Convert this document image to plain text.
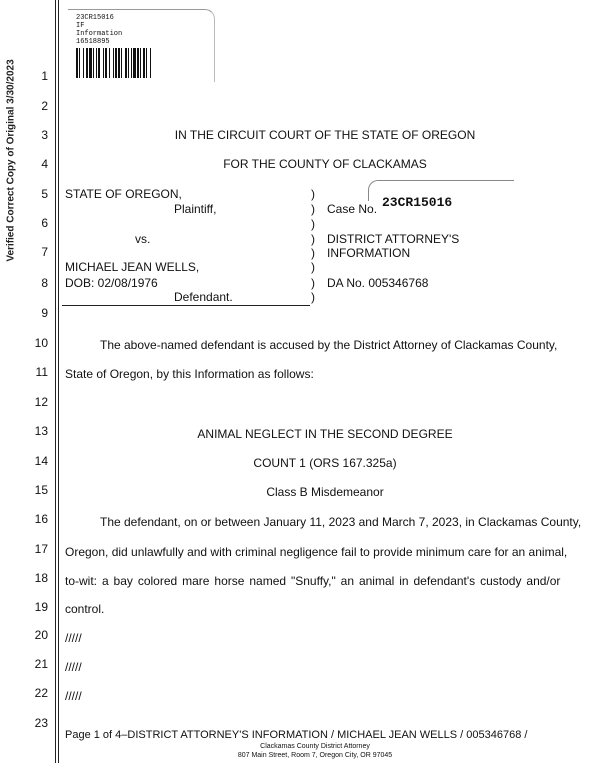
23CR15016
IF
Information
16518895
Verified Correct Copy of Original 3/30/2023	1
2
3
4
5
6
7
8
9
10
11
12
13
14
15
16
17
18
19
20
21
22
23
IN THE CIRCUIT COURT OF THE STATE OF OREGON
FOR THE COUNTY OF CLACKAMAS
STATE OF OREGON,
Plaintiff,
vs.
MICHAEL JEAN WELLS,
DOB: 02/08/1976
Defendant.
)
)
)
)
)
)
)
)
Case No. 23CR15016
DISTRICT ATTORNEY'S
INFORMATION
DA No. 005346768
The above-named defendant is accused by the District Attorney of Clackamas County,
State of Oregon, by this Information as follows:
ANIMAL NEGLECT IN THE SECOND DEGREE
COUNT 1 (ORS 167.325a)
Class B Misdemeanor
The defendant, on or between January 11, 2023 and March 7, 2023, in Clackamas County,
Oregon, did unlawfully and with criminal negligence fail to provide minimum care for an animal,
to-wit: a bay colored mare horse named "Snuffy," an animal in defendant's custody and/or
control.
/////
/////
/////
Page 1 of 4–DISTRICT ATTORNEY'S INFORMATION / MICHAEL JEAN WELLS / 005346768 /
Clackamas County District Attorney
807 Main Street, Room 7, Oregon City, OR 97045
